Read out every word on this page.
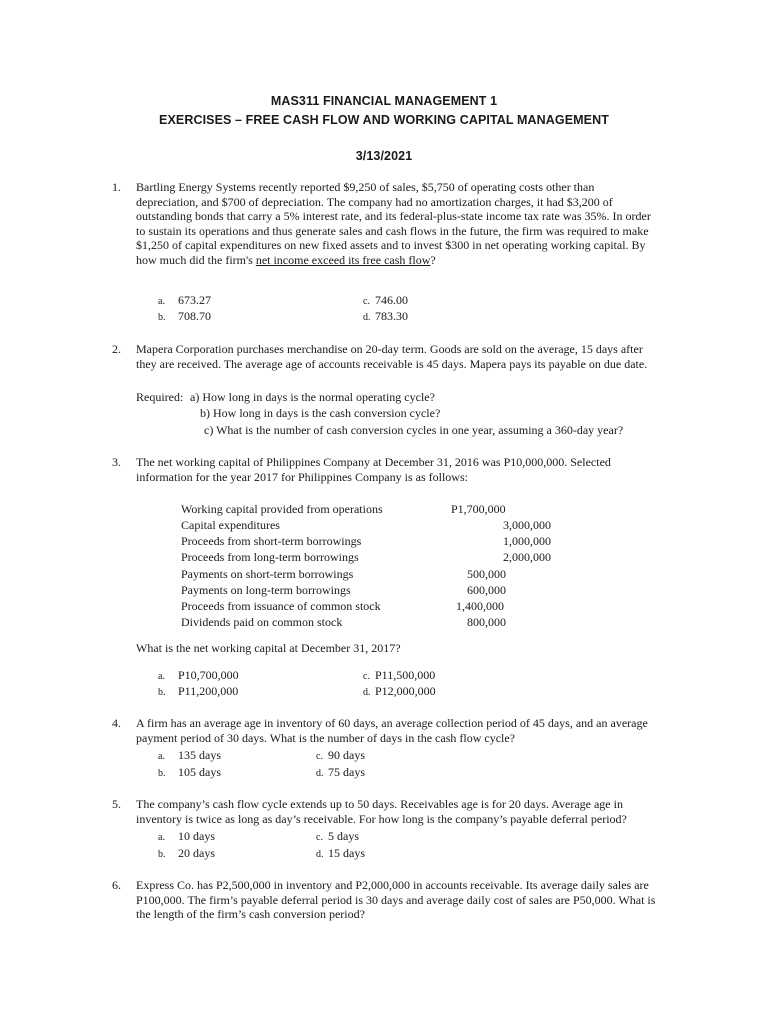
MAS311 FINANCIAL MANAGEMENT 1
EXERCISES – FREE CASH FLOW AND WORKING CAPITAL MANAGEMENT
3/13/2021
1. Bartling Energy Systems recently reported $9,250 of sales, $5,750 of operating costs other than depreciation, and $700 of depreciation. The company had no amortization charges, it had $3,200 of outstanding bonds that carry a 5% interest rate, and its federal-plus-state income tax rate was 35%. In order to sustain its operations and thus generate sales and cash flows in the future, the firm was required to make $1,250 of capital expenditures on new fixed assets and to invest $300 in net operating working capital. By how much did the firm's net income exceed its free cash flow?
a. 673.27
b. 708.70
c. 746.00
d. 783.30
2. Mapera Corporation purchases merchandise on 20-day term. Goods are sold on the average, 15 days after they are received. The average age of accounts receivable is 45 days. Mapera pays its payable on due date.
Required: a) How long in days is the normal operating cycle?
b) How long in days is the cash conversion cycle?
c) What is the number of cash conversion cycles in one year, assuming a 360-day year?
3. The net working capital of Philippines Company at December 31, 2016 was P10,000,000. Selected information for the year 2017 for Philippines Company is as follows:
Working capital provided from operations	P1,700,000
Capital expenditures	3,000,000
Proceeds from short-term borrowings	1,000,000
Proceeds from long-term borrowings	2,000,000
Payments on short-term borrowings	500,000
Payments on long-term borrowings	600,000
Proceeds from issuance of common stock	1,400,000
Dividends paid on common stock	800,000
What is the net working capital at December 31, 2017?
a. P10,700,000
b. P11,200,000
c. P11,500,000
d. P12,000,000
4. A firm has an average age in inventory of 60 days, an average collection period of 45 days, and an average payment period of 30 days. What is the number of days in the cash flow cycle?
a. 135 days
b. 105 days
c. 90 days
d. 75 days
5. The company’s cash flow cycle extends up to 50 days. Receivables age is for 20 days. Average age in inventory is twice as long as day’s receivable. For how long is the company’s payable deferral period?
a. 10 days
b. 20 days
c. 5 days
d. 15 days
6. Express Co. has P2,500,000 in inventory and P2,000,000 in accounts receivable. Its average daily sales are P100,000. The firm’s payable deferral period is 30 days and average daily cost of sales are P50,000. What is the length of the firm’s cash conversion period?
